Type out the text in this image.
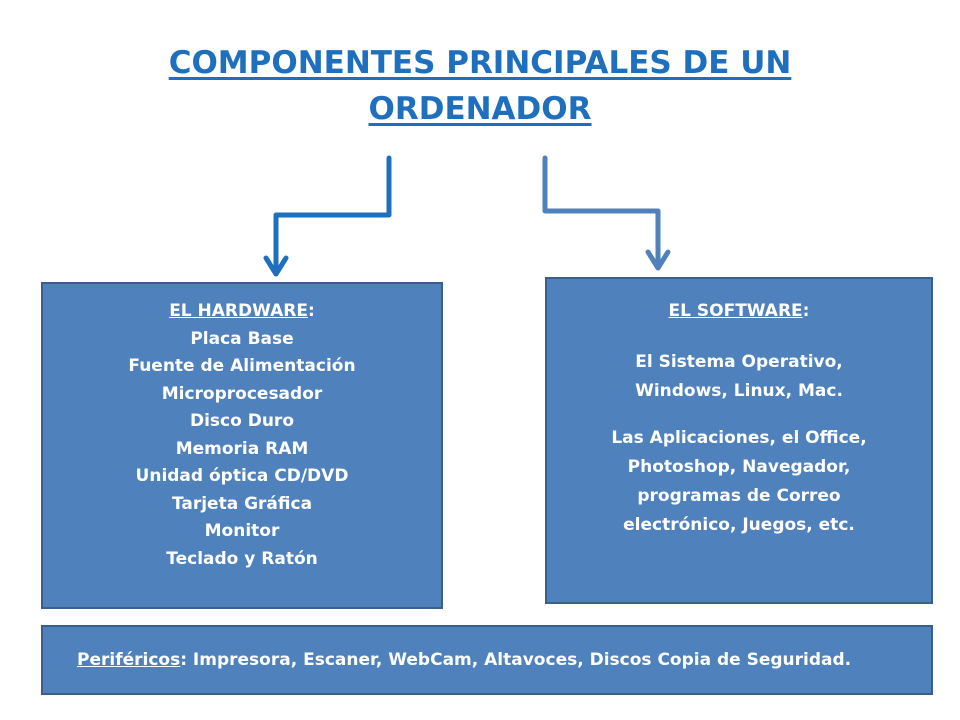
COMPONENTES PRINCIPALES DE UN
ORDENADOR
EL HARDWARE:
Placa Base
Fuente de Alimentación
Microprocesador
Disco Duro
Memoria RAM
Unidad óptica CD/DVD
Tarjeta Gráfica
Monitor
Teclado y Ratón
EL SOFTWARE:
El Sistema Operativo,
Windows, Linux, Mac.
Las Aplicaciones, el Office,
Photoshop, Navegador,
programas de Correo
electrónico, Juegos, etc.
Periféricos: Impresora, Escaner, WebCam, Altavoces, Discos Copia de Seguridad.
